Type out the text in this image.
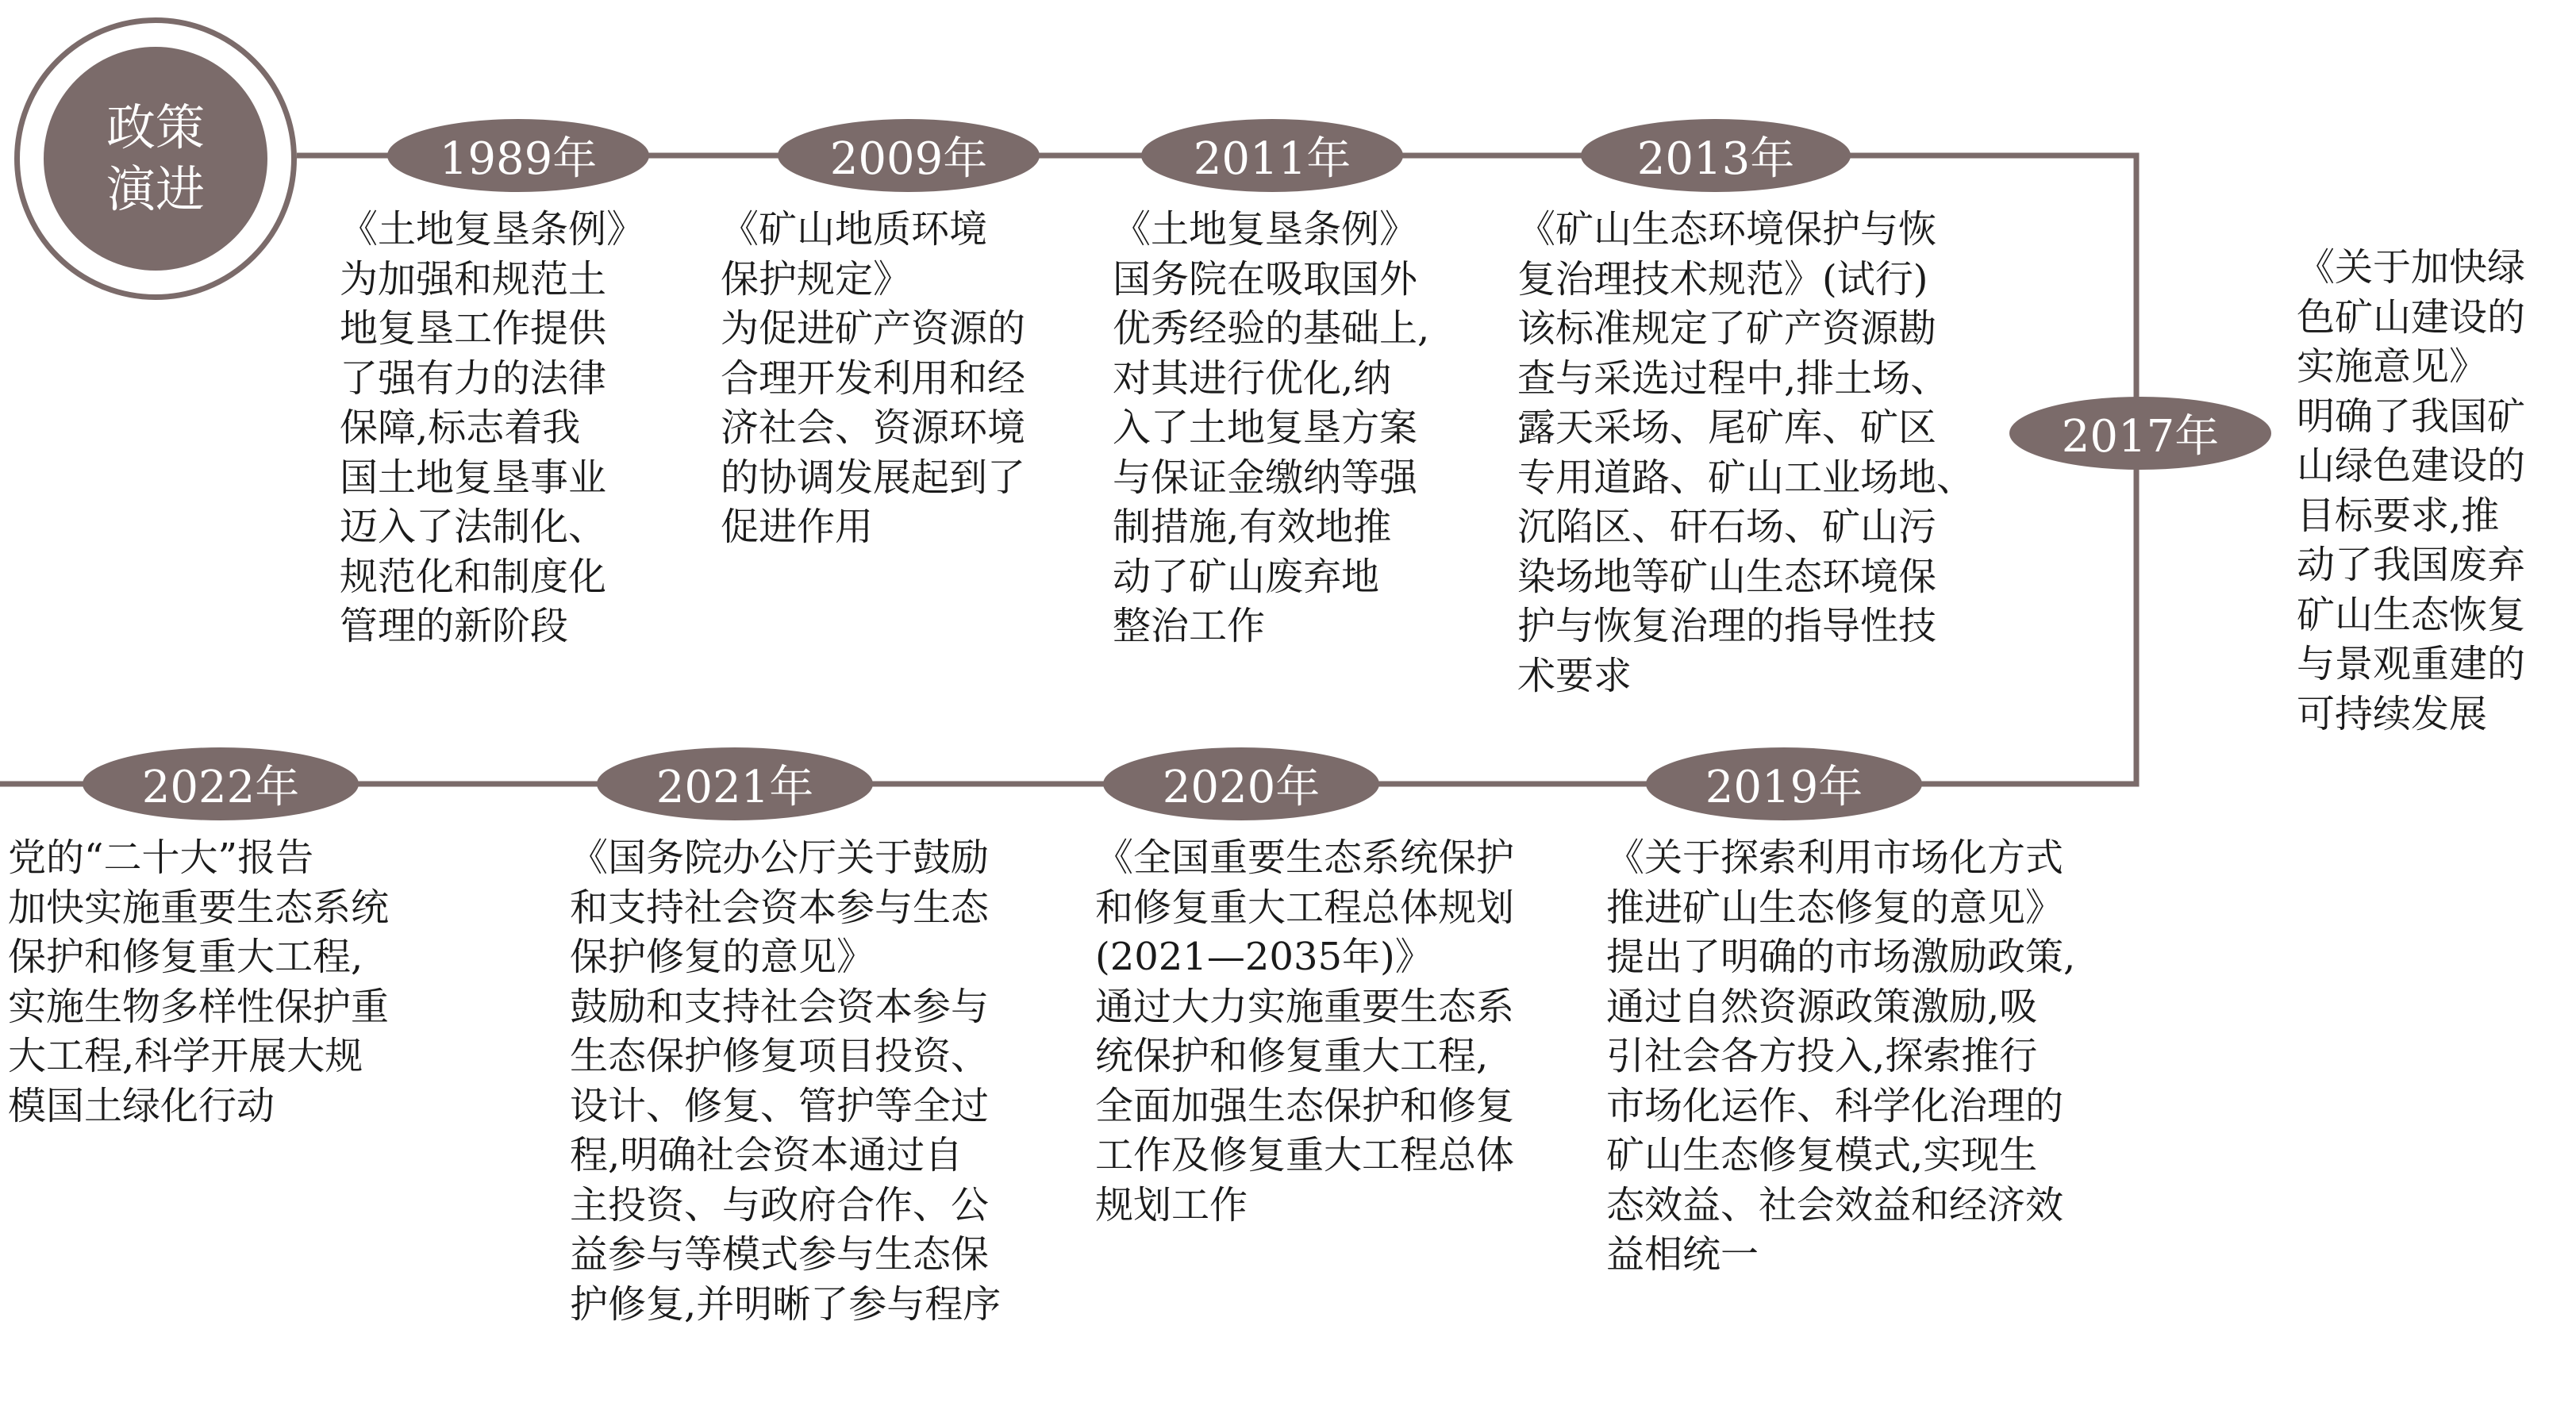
政策
演进
1989年
《土地复垦条例》
为加强和规范土
地复垦工作提供
了强有力的法律
保障,标志着我
国土地复垦事业
迈入了法制化、
规范化和制度化
管理的新阶段
2009年
《矿山地质环境
保护规定》
为促进矿产资源的
合理开发利用和经
济社会、资源环境
的协调发展起到了
促进作用
2011年
《土地复垦条例》
国务院在吸取国外
优秀经验的基础上,
对其进行优化,纳
入了土地复垦方案
与保证金缴纳等强
制措施,有效地推
动了矿山废弃地
整治工作
2013年
《矿山生态环境保护与恢
复治理技术规范》(试行)
该标准规定了矿产资源勘
查与采选过程中,排土场、
露天采场、尾矿库、矿区
专用道路、矿山工业场地、
沉陷区、矸石场、矿山污
染场地等矿山生态环境保
护与恢复治理的指导性技
术要求
2017年
《关于加快绿
色矿山建设的
实施意见》
明确了我国矿
山绿色建设的
目标要求,推
动了我国废弃
矿山生态恢复
与景观重建的
可持续发展
2019年
《关于探索利用市场化方式
推进矿山生态修复的意见》
提出了明确的市场激励政策,
通过自然资源政策激励,吸
引社会各方投入,探索推行
市场化运作、科学化治理的
矿山生态修复模式,实现生
态效益、社会效益和经济效
益相统一
2020年
《全国重要生态系统保护
和修复重大工程总体规划
(2021—2035年)》
通过大力实施重要生态系
统保护和修复重大工程,
全面加强生态保护和修复
工作及修复重大工程总体
规划工作
2021年
《国务院办公厅关于鼓励
和支持社会资本参与生态
保护修复的意见》
鼓励和支持社会资本参与
生态保护修复项目投资、
设计、修复、管护等全过
程,明确社会资本通过自
主投资、与政府合作、公
益参与等模式参与生态保
护修复,并明晰了参与程序
2022年
党的“二十大”报告
加快实施重要生态系统
保护和修复重大工程,
实施生物多样性保护重
大工程,科学开展大规
模国土绿化行动
